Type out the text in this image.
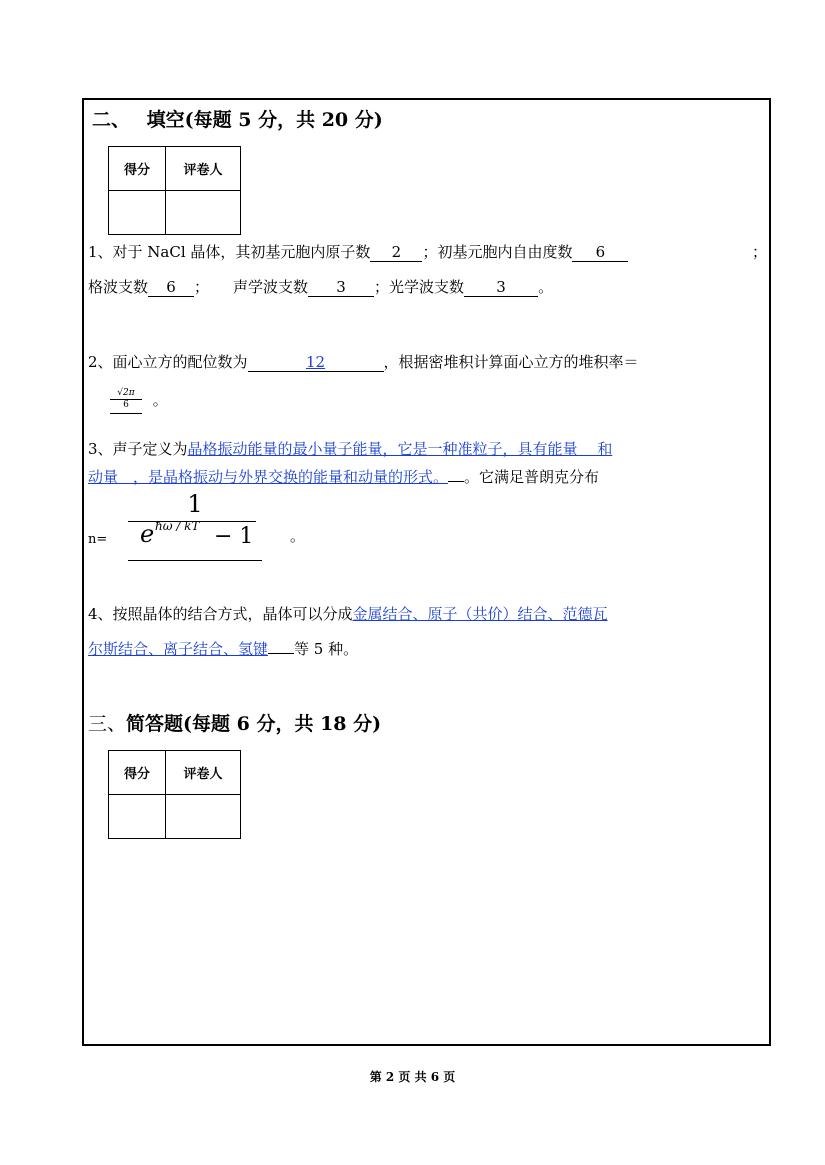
二、 填空(每题 5 分，共 20 分)
得分	评卷人

1、对于 NaCl 晶体，其初基元胞内原子数 2 ；初基元胞内自由度数 6	；
格波支数 6 ； 声学波支数 3 ；光学波支数 3 。
2、面心立方的配位数为	12	，根据密堆积计算面心立方的堆积率＝
$\frac{√2\pi}{6}$ 。
3、声子定义为晶格振动能量的最小量子能量，它是一种准粒子，具有能量　 和
动量　，是晶格振动与外界交换的能量和动量的形式。 。它满足普朗克分布
n=
1
e ħω / kT − 1 。
4、按照晶体的结合方式，晶体可以分成金属结合、原子（共价）结合、范德瓦
尔斯结合、离子结合、氢键 等 5 种。
三、简答题(每题 6 分，共 18 分)
得分	评卷人

第 2 页 共 6 页
